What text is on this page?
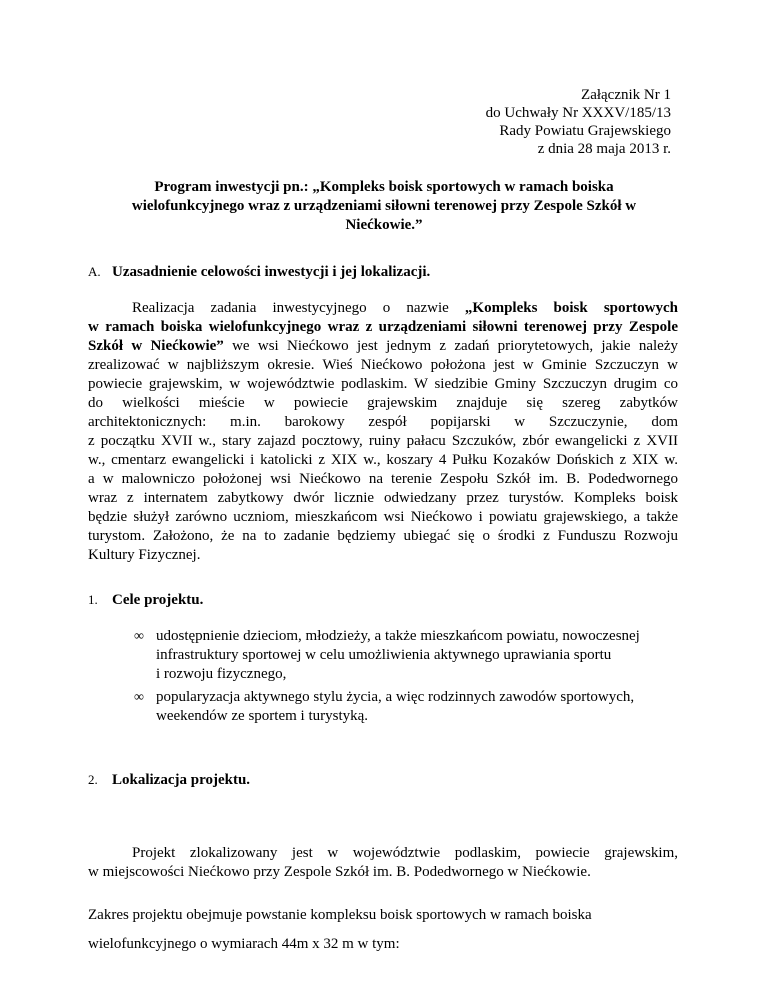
Załącznik Nr 1
do Uchwały Nr XXXV/185/13
Rady Powiatu Grajewskiego
z dnia 28 maja 2013 r.
Program inwestycji pn.: „Kompleks boisk sportowych w ramach boiska
wielofunkcyjnego wraz z urządzeniami siłowni terenowej przy Zespole Szkół w
Niećkowie.”
A. Uzasadnienie celowości inwestycji i jej lokalizacji.
Realizacja zadania inwestycyjnego o nazwie „Kompleks boisk sportowych
w ramach boiska wielofunkcyjnego wraz z urządzeniami siłowni terenowej przy Zespole
Szkół w Niećkowie” we wsi Niećkowo jest jednym z zadań priorytetowych, jakie należy
zrealizować w najbliższym okresie. Wieś Niećkowo położona jest w Gminie Szczuczyn w
powiecie grajewskim, w województwie podlaskim. W siedzibie Gminy Szczuczyn drugim co
do wielkości mieście w powiecie grajewskim znajduje się szereg zabytków
architektonicznych: m.in. barokowy zespół popijarski w Szczuczynie, dom
z początku XVII w., stary zajazd pocztowy, ruiny pałacu Szczuków, zbór ewangelicki z XVII
w., cmentarz ewangelicki i katolicki z XIX w., koszary 4 Pułku Kozaków Dońskich z XIX w.
a w malowniczo położonej wsi Niećkowo na terenie Zespołu Szkół im. B. Podedwornego
wraz z internatem zabytkowy dwór licznie odwiedzany przez turystów. Kompleks boisk
będzie służył zarówno uczniom, mieszkańcom wsi Niećkowo i powiatu grajewskiego, a także
turystom. Założono, że na to zadanie będziemy ubiegać się o środki z Funduszu Rozwoju
Kultury Fizycznej.
1. Cele projektu.
∞ udostępnienie dzieciom, młodzieży, a także mieszkańcom powiatu, nowoczesnej
infrastruktury sportowej w celu umożliwienia aktywnego uprawiania sportu
i rozwoju fizycznego,
∞ popularyzacja aktywnego stylu życia, a więc rodzinnych zawodów sportowych,
weekendów ze sportem i turystyką.
2. Lokalizacja projektu.
Projekt zlokalizowany jest w województwie podlaskim, powiecie grajewskim,
w miejscowości Niećkowo przy Zespole Szkół im. B. Podedwornego w Niećkowie.
Zakres projektu obejmuje powstanie kompleksu boisk sportowych w ramach boiska
wielofunkcyjnego o wymiarach 44m x 32 m w tym:
